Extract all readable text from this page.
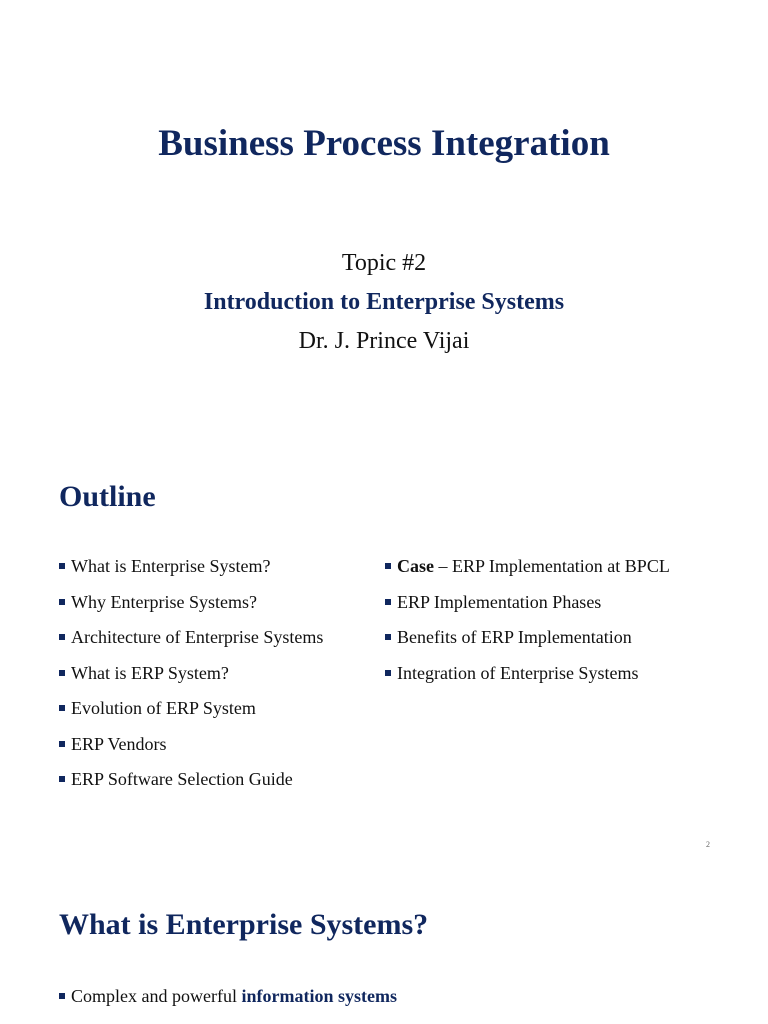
Business Process Integration
Topic #2
Introduction to Enterprise Systems
Dr. J. Prince Vijai
Outline
What is Enterprise System?
Why Enterprise Systems?
Architecture of Enterprise Systems
What is ERP System?
Evolution of ERP System
ERP Vendors
ERP Software Selection Guide
Case – ERP Implementation at BPCL
ERP Implementation Phases
Benefits of ERP Implementation
Integration of Enterprise Systems
2
What is Enterprise Systems?
Complex and powerful information systems
